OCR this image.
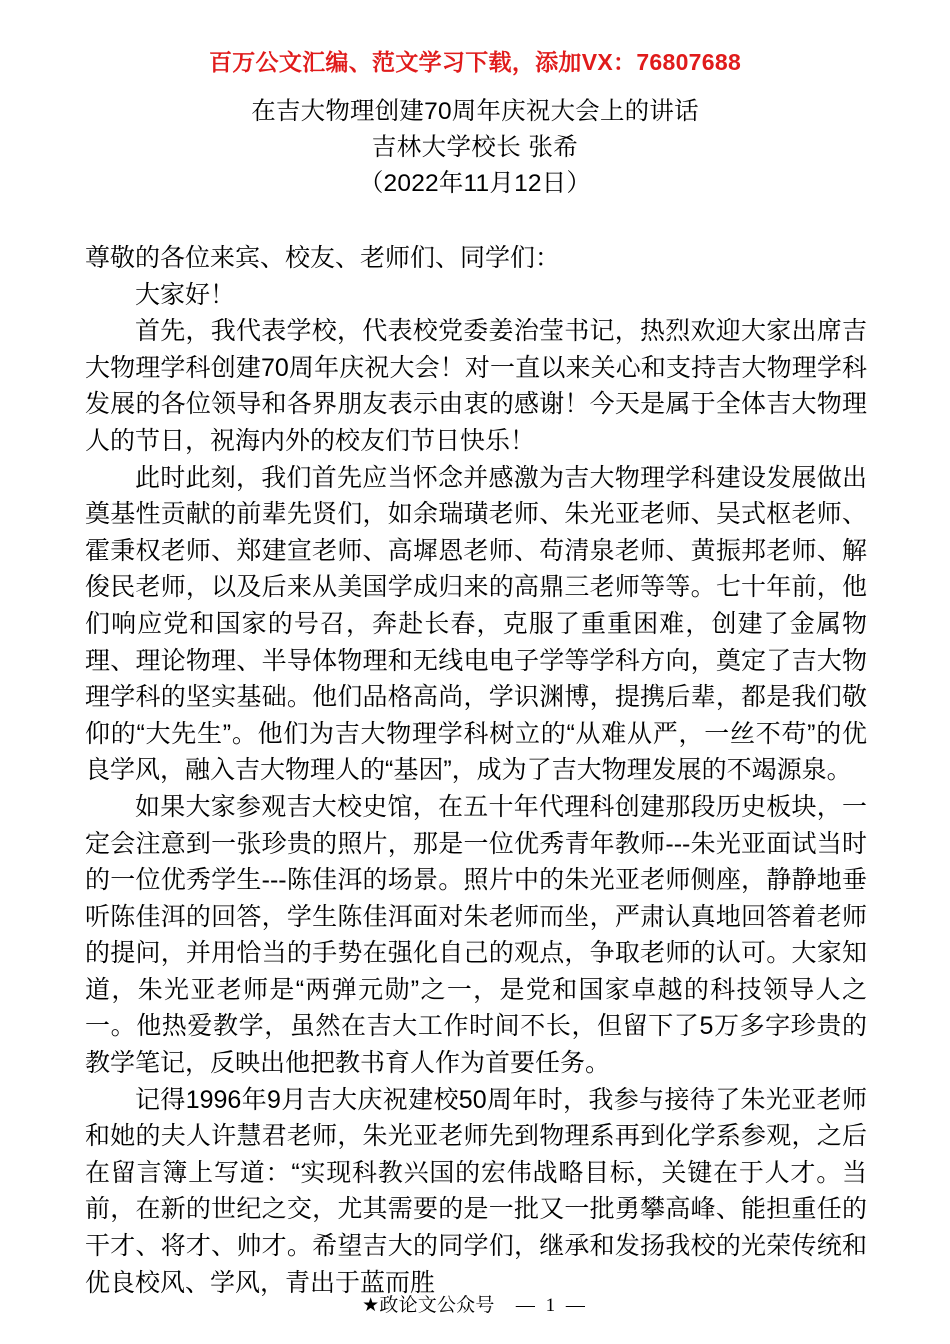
百万公文汇编、范文学习下载，添加VX：76807688
在吉大物理创建70周年庆祝大会上的讲话
吉林大学校长 张希
（2022年11月12日）

尊敬的各位来宾、校友、老师们、同学们：

大家好！

首先，我代表学校，代表校党委姜治莹书记，热烈欢迎大家出席吉大物理学科创建70周年庆祝大会！对一直以来关心和支持吉大物理学科发展的各位领导和各界朋友表示由衷的感谢！今天是属于全体吉大物理人的节日，祝海内外的校友们节日快乐！

此时此刻，我们首先应当怀念并感激为吉大物理学科建设发展做出奠基性贡献的前辈先贤们，如余瑞璜老师、朱光亚老师、吴式枢老师、霍秉权老师、郑建宣老师、高墀恩老师、苟清泉老师、黄振邦老师、解俊民老师，以及后来从美国学成归来的高鼎三老师等等。七十年前，他们响应党和国家的号召，奔赴长春，克服了重重困难，创建了金属物理、理论物理、半导体物理和无线电电子学等学科方向，奠定了吉大物理学科的坚实基础。他们品格高尚，学识渊博，提携后辈，都是我们敬仰的“大先生”。他们为吉大物理学科树立的“从难从严，一丝不苟”的优良学风，融入吉大物理人的“基因”，成为了吉大物理发展的不竭源泉。

如果大家参观吉大校史馆，在五十年代理科创建那段历史板块，一定会注意到一张珍贵的照片，那是一位优秀青年教师---朱光亚面试当时的一位优秀学生---陈佳洱的场景。照片中的朱光亚老师侧座，静静地垂听陈佳洱的回答，学生陈佳洱面对朱老师而坐，严肃认真地回答着老师的提问，并用恰当的手势在强化自己的观点，争取老师的认可。大家知道，朱光亚老师是“两弹元勋”之一，是党和国家卓越的科技领导人之一。他热爱教学，虽然在吉大工作时间不长，但留下了5万多字珍贵的教学笔记，反映出他把教书育人作为首要任务。

记得1996年9月吉大庆祝建校50周年时，我参与接待了朱光亚老师和她的夫人许慧君老师，朱光亚老师先到物理系再到化学系参观，之后在留言簿上写道：“实现科教兴国的宏伟战略目标，关键在于人才。当前，在新的世纪之交，尤其需要的是一批又一批勇攀高峰、能担重任的干才、将才、帅才。希望吉大的同学们，继承和发扬我校的光荣传统和优良校风、学风，青出于蓝而胜

★政论文公众号 — 1 —
